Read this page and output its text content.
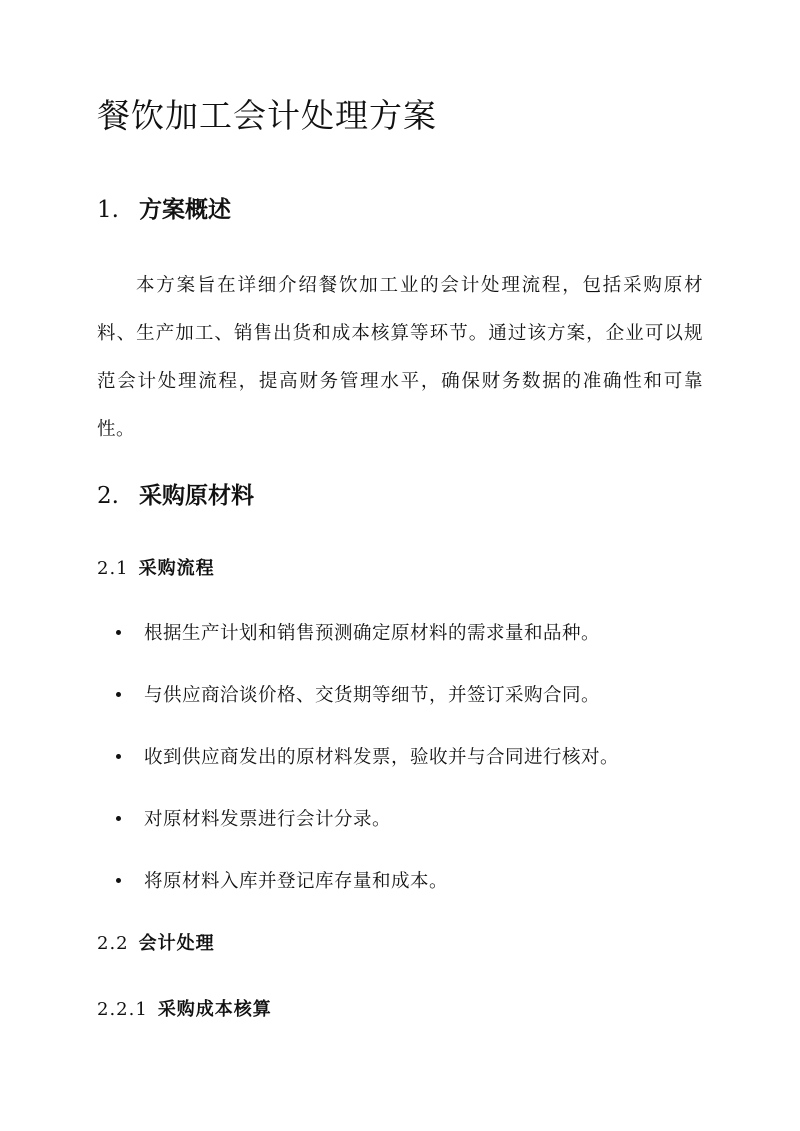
餐饮加工会计处理方案
1. 方案概述

本方案旨在详细介绍餐饮加工业的会计处理流程，包括采购原材料、生产加工、销售出货和成本核算等环节。通过该方案，企业可以规范会计处理流程，提高财务管理水平，确保财务数据的准确性和可靠性。

2. 采购原材料
2.1 采购流程
根据生产计划和销售预测确定原材料的需求量和品种。
与供应商洽谈价格、交货期等细节，并签订采购合同。
收到供应商发出的原材料发票，验收并与合同进行核对。
对原材料发票进行会计分录。
将原材料入库并登记库存量和成本。
2.2 会计处理
2.2.1 采购成本核算
